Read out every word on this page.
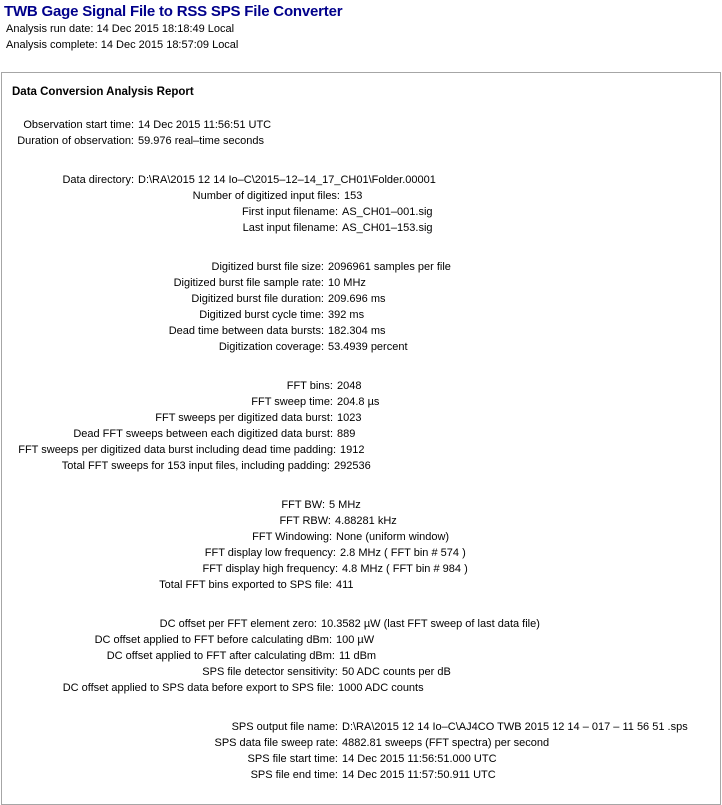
TWB Gage Signal File to RSS SPS File Converter
Analysis run date: 14 Dec 2015 18:18:49 Local
Analysis complete: 14 Dec 2015 18:57:09 Local
Data Conversion Analysis Report
Observation start time: 14 Dec 2015 11:56:51 UTC
Duration of observation: 59.976 real–time seconds
Data directory: D:\RA\2015 12 14 Io–C\2015–12–14_17_CH01\Folder.00001
Number of digitized input files: 153
First input filename: AS_CH01–001.sig
Last input filename: AS_CH01–153.sig
Digitized burst file size: 2096961 samples per file
Digitized burst file sample rate: 10 MHz
Digitized burst file duration: 209.696 ms
Digitized burst cycle time: 392 ms
Dead time between data bursts: 182.304 ms
Digitization coverage: 53.4939 percent
FFT bins: 2048
FFT sweep time: 204.8 µs
FFT sweeps per digitized data burst: 1023
Dead FFT sweeps between each digitized data burst: 889
FFT sweeps per digitized data burst including dead time padding: 1912
Total FFT sweeps for 153 input files, including padding: 292536
FFT BW: 5 MHz
FFT RBW: 4.88281 kHz
FFT Windowing: None (uniform window)
FFT display low frequency: 2.8 MHz ( FFT bin # 574 )
FFT display high frequency: 4.8 MHz ( FFT bin # 984 )
Total FFT bins exported to SPS file: 411
DC offset per FFT element zero: 10.3582 µW (last FFT sweep of last data file)
DC offset applied to FFT before calculating dBm: 100 µW
DC offset applied to FFT after calculating dBm: 11 dBm
SPS file detector sensitivity: 50 ADC counts per dB
DC offset applied to SPS data before export to SPS file: 1000 ADC counts
SPS output file name: D:\RA\2015 12 14 Io–C\AJ4CO TWB 2015 12 14 – 017 – 11 56 51 .sps
SPS data file sweep rate: 4882.81 sweeps (FFT spectra) per second
SPS file start time: 14 Dec 2015 11:56:51.000 UTC
SPS file end time: 14 Dec 2015 11:57:50.911 UTC
